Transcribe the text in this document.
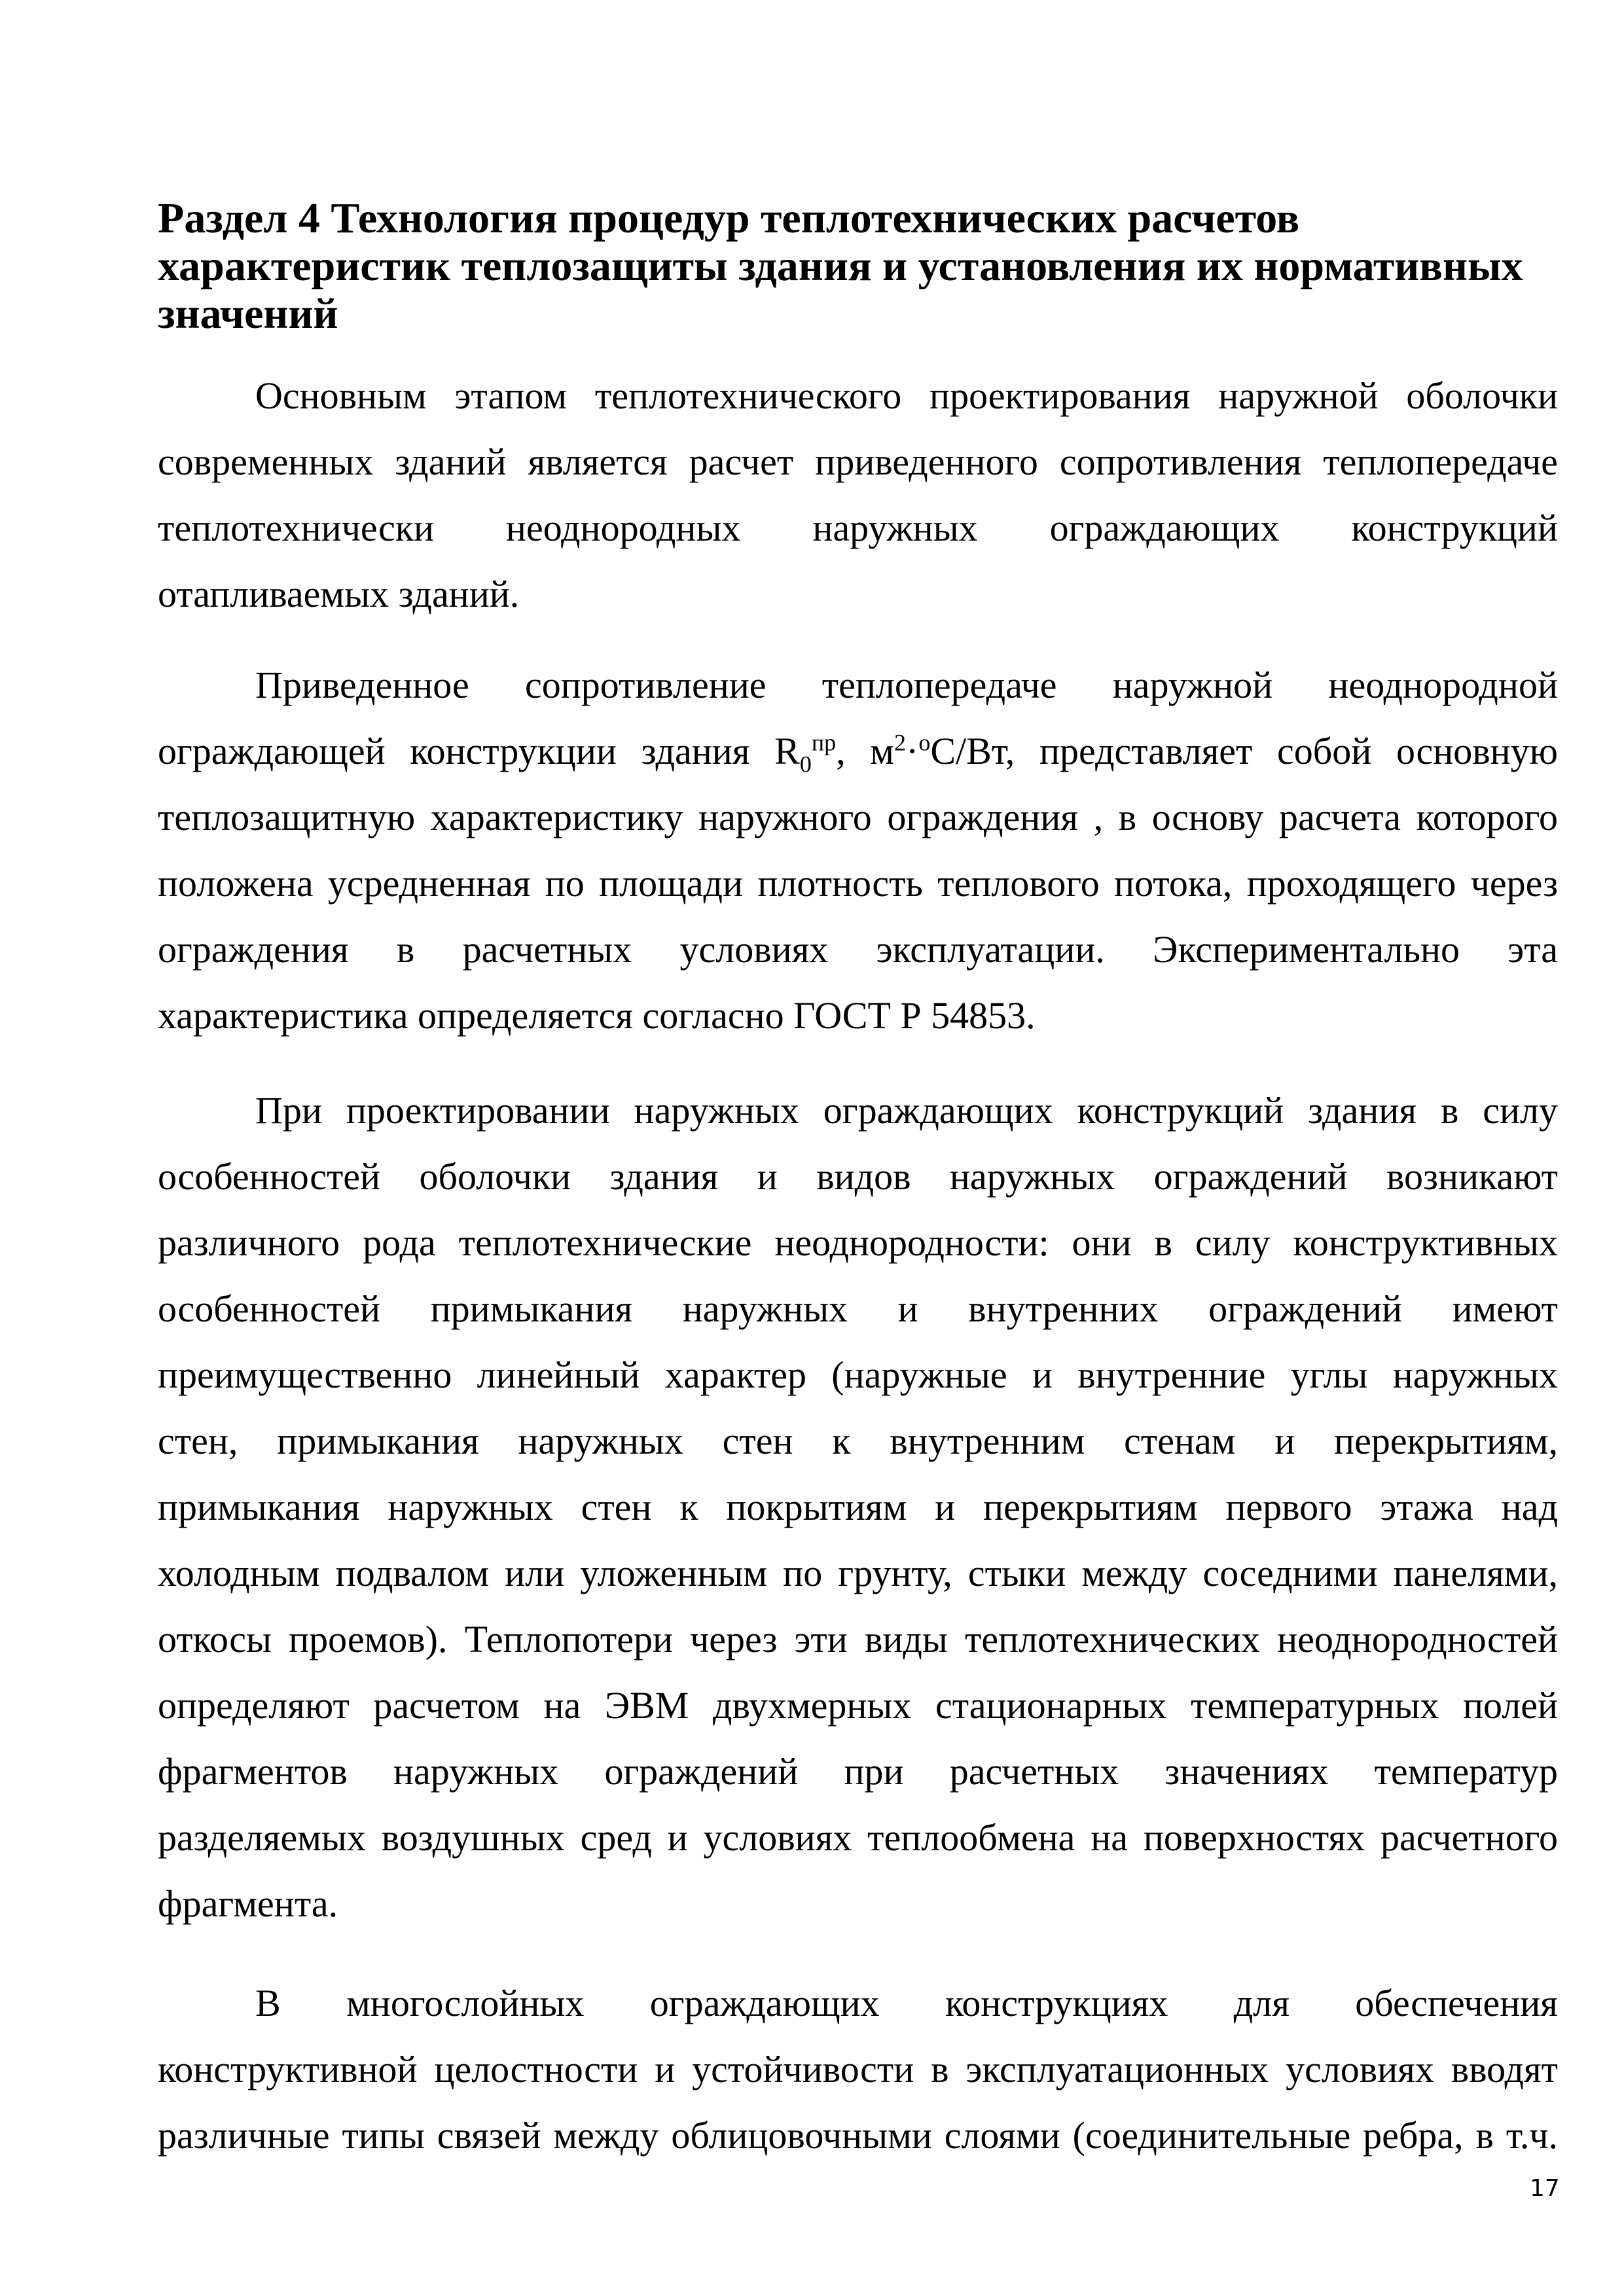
Раздел 4 Технология процедур теплотехнических расчетов
характеристик теплозащиты здания и установления их нормативных
значений
Основным этапом теплотехнического проектирования наружной оболочки
современных зданий является расчет приведенного сопротивления теплопередаче
теплотехнически неоднородных наружных ограждающих конструкций
отапливаемых зданий.
Приведенное сопротивление теплопередаче наружной неоднородной
ограждающей конструкции здания $R_0^{пр}$, $м^2\cdot^оС/Вт$, представляет собой основную
теплозащитную характеристику наружного ограждения , в основу расчета которого
положена усредненная по площади плотность теплового потока, проходящего через
ограждения в расчетных условиях эксплуатации. Экспериментально эта
характеристика определяется согласно ГОСТ Р 54853.
При проектировании наружных ограждающих конструкций здания в силу
особенностей оболочки здания и видов наружных ограждений возникают
различного рода теплотехнические неоднородности: они в силу конструктивных
особенностей примыкания наружных и внутренних ограждений имеют
преимущественно линейный характер (наружные и внутренние углы наружных
стен, примыкания наружных стен к внутренним стенам и перекрытиям,
примыкания наружных стен к покрытиям и перекрытиям первого этажа над
холодным подвалом или уложенным по грунту, стыки между соседними панелями,
откосы проемов). Теплопотери через эти виды теплотехнических неоднородностей
определяют расчетом на ЭВМ двухмерных стационарных температурных полей
фрагментов наружных ограждений при расчетных значениях температур
разделяемых воздушных сред и условиях теплообмена на поверхностях расчетного
фрагмента.
В многослойных ограждающих конструкциях для обеспечения
конструктивной целостности и устойчивости в эксплуатационных условиях вводят
различные типы связей между облицовочными слоями (соединительные ребра, в т.ч.
17
